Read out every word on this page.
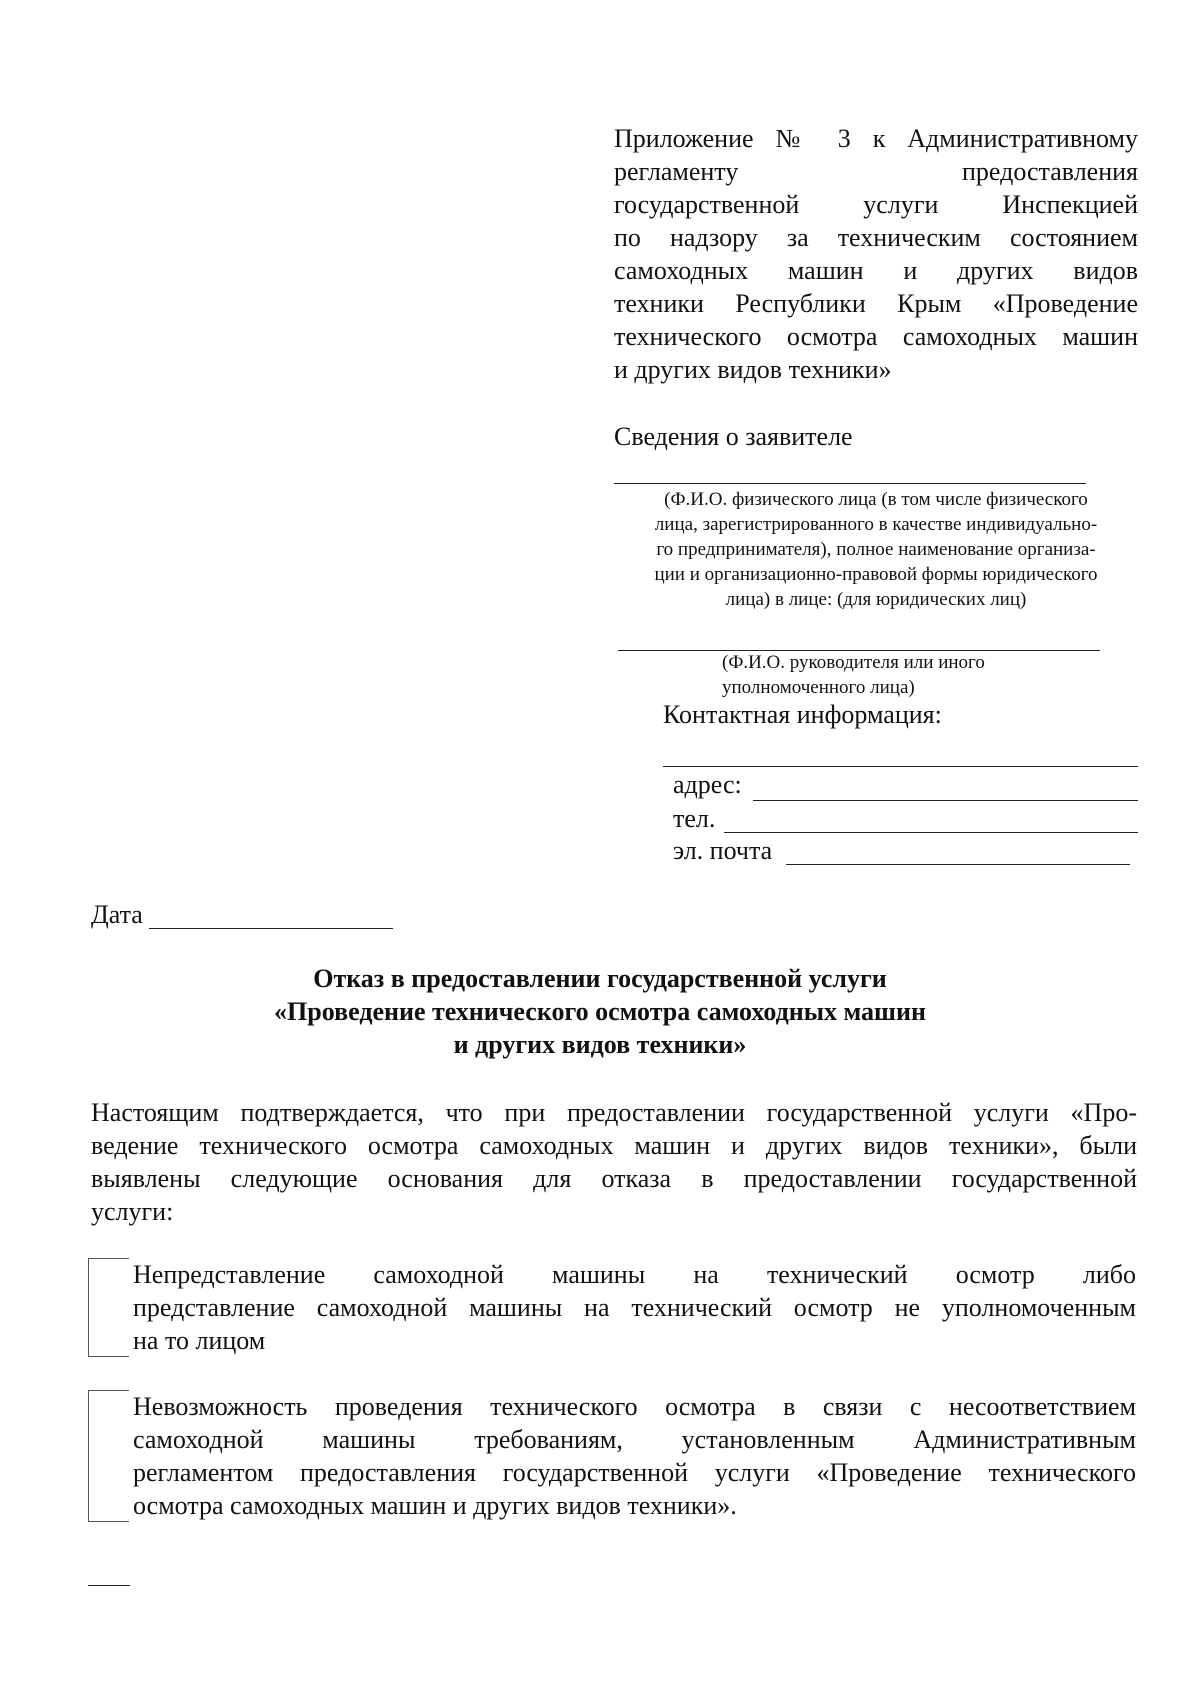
Приложение № 3 к Административному
регламенту предоставления
государственной услуги Инспекцией
по надзору за техническим состоянием
самоходных машин и других видов
техники Республики Крым «Проведение
технического осмотра самоходных машин
и других видов техники»
Сведения о заявителе
(Ф.И.О. физического лица (в том числе физического
лица, зарегистрированного в качестве индивидуально-
го предпринимателя), полное наименование организа-
ции и организационно-правовой формы юридического
лица) в лице: (для юридических лиц)
(Ф.И.О. руководителя или иного
уполномоченного лица)
Контактная информация:
адрес:
тел.
эл. почта
Дата
Отказ в предоставлении государственной услуги
«Проведение технического осмотра самоходных машин
и других видов техники»
Настоящим подтверждается, что при предоставлении государственной услуги «Про-
ведение технического осмотра самоходных машин и других видов техники», были
выявлены следующие основания для отказа в предоставлении государственной
услуги:
Непредставление самоходной машины на технический осмотр либо
представление самоходной машины на технический осмотр не уполномоченным
на то лицом
Невозможность проведения технического осмотра в связи с несоответствием
самоходной машины требованиям, установленным Административным
регламентом предоставления государственной услуги «Проведение технического
осмотра самоходных машин и других видов техники».
